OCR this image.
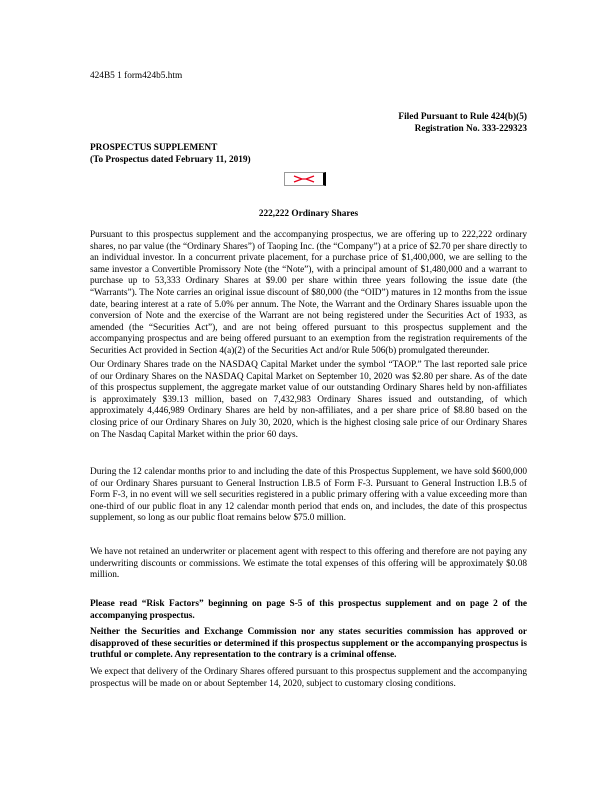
424B5 1 form424b5.htm
Filed Pursuant to Rule 424(b)(5)
Registration No. 333-229323
PROSPECTUS SUPPLEMENT
(To Prospectus dated February 11, 2019)
222,222 Ordinary Shares

Pursuant to this prospectus supplement and the accompanying prospectus, we are offering up to 222,222 ordinary shares, no par value (the “Ordinary Shares”) of Taoping Inc. (the “Company”) at a price of $2.70 per share directly to an individual investor. In a concurrent private placement, for a purchase price of $1,400,000, we are selling to the same investor a Convertible Promissory Note (the “Note”), with a principal amount of $1,480,000 and a warrant to purchase up to 53,333 Ordinary Shares at $9.00 per share within three years following the issue date (the “Warrants”). The Note carries an original issue discount of $80,000 (the “OID”) matures in 12 months from the issue date, bearing interest at a rate of 5.0% per annum. The Note, the Warrant and the Ordinary Shares issuable upon the conversion of Note and the exercise of the Warrant are not being registered under the Securities Act of 1933, as amended (the “Securities Act”), and are not being offered pursuant to this prospectus supplement and the accompanying prospectus and are being offered pursuant to an exemption from the registration requirements of the Securities Act provided in Section 4(a)(2) of the Securities Act and/or Rule 506(b) promulgated thereunder.

Our Ordinary Shares trade on the NASDAQ Capital Market under the symbol “TAOP.” The last reported sale price of our Ordinary Shares on the NASDAQ Capital Market on September 10, 2020 was $2.80 per share. As of the date of this prospectus supplement, the aggregate market value of our outstanding Ordinary Shares held by non-affiliates is approximately $39.13 million, based on 7,432,983 Ordinary Shares issued and outstanding, of which approximately 4,446,989 Ordinary Shares are held by non-affiliates, and a per share price of $8.80 based on the closing price of our Ordinary Shares on July 30, 2020, which is the highest closing sale price of our Ordinary Shares on The Nasdaq Capital Market within the prior 60 days.

During the 12 calendar months prior to and including the date of this Prospectus Supplement, we have sold $600,000 of our Ordinary Shares pursuant to General Instruction I.B.5 of Form F-3. Pursuant to General Instruction I.B.5 of Form F-3, in no event will we sell securities registered in a public primary offering with a value exceeding more than one-third of our public float in any 12 calendar month period that ends on, and includes, the date of this prospectus supplement, so long as our public float remains below $75.0 million.

We have not retained an underwriter or placement agent with respect to this offering and therefore are not paying any underwriting discounts or commissions. We estimate the total expenses of this offering will be approximately $0.08 million.

Please read “Risk Factors” beginning on page S-5 of this prospectus supplement and on page 2 of the accompanying prospectus.

Neither the Securities and Exchange Commission nor any states securities commission has approved or disapproved of these securities or determined if this prospectus supplement or the accompanying prospectus is truthful or complete. Any representation to the contrary is a criminal offense.

We expect that delivery of the Ordinary Shares offered pursuant to this prospectus supplement and the accompanying prospectus will be made on or about September 14, 2020, subject to customary closing conditions.
